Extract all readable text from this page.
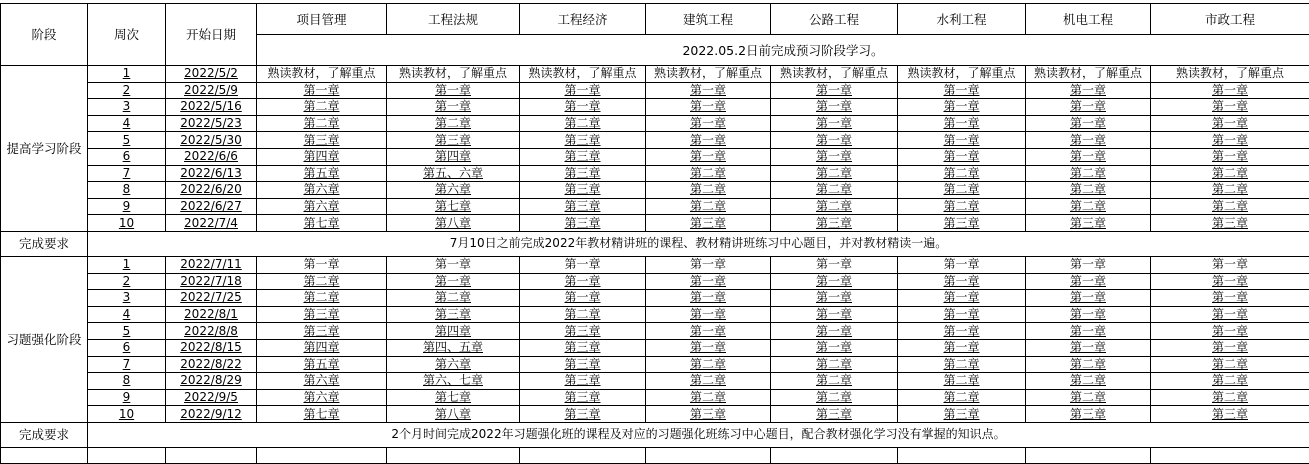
阶段	周次	开始日期	项目管理	工程法规	工程经济	建筑工程	公路工程	水利工程	机电工程	市政工程
			2022.05.2日前完成预习阶段学习。							
提高学习阶段	1	2022/5/2	熟读教材，了解重点	熟读教材，了解重点	熟读教材，了解重点	熟读教材，了解重点	熟读教材，了解重点	熟读教材，了解重点	熟读教材，了解重点	熟读教材，了解重点
	2	2022/5/9	第一章	第一章	第一章	第一章	第一章	第一章	第一章	第一章
	3	2022/5/16	第二章	第一章	第一章	第一章	第一章	第一章	第一章	第一章
	4	2022/5/23	第二章	第二章	第二章	第一章	第一章	第一章	第一章	第一章
	5	2022/5/30	第三章	第三章	第三章	第一章	第一章	第一章	第一章	第一章
	6	2022/6/6	第四章	第四章	第三章	第一章	第一章	第一章	第一章	第一章
	7	2022/6/13	第五章	第五、六章	第三章	第二章	第二章	第二章	第二章	第二章
	8	2022/6/20	第六章	第六章	第三章	第二章	第二章	第二章	第二章	第二章
	9	2022/6/27	第六章	第七章	第三章	第二章	第二章	第二章	第二章	第二章
	10	2022/7/4	第七章	第八章	第三章	第三章	第三章	第三章	第三章	第三章
完成要求	7月10日之前完成2022年教材精讲班的课程、教材精讲班练习中心题目，并对教材精读一遍。									
习题强化阶段	1	2022/7/11	第一章	第一章	第一章	第一章	第一章	第一章	第一章	第一章
	2	2022/7/18	第二章	第一章	第一章	第一章	第一章	第一章	第一章	第一章
	3	2022/7/25	第二章	第二章	第一章	第一章	第一章	第一章	第一章	第一章
	4	2022/8/1	第三章	第三章	第二章	第一章	第一章	第一章	第一章	第一章
	5	2022/8/8	第三章	第四章	第三章	第一章	第一章	第一章	第一章	第一章
	6	2022/8/15	第四章	第四、五章	第三章	第一章	第一章	第一章	第一章	第一章
	7	2022/8/22	第五章	第六章	第三章	第二章	第二章	第二章	第二章	第二章
	8	2022/8/29	第六章	第六、七章	第三章	第二章	第二章	第二章	第二章	第二章
	9	2022/9/5	第六章	第七章	第三章	第二章	第二章	第二章	第二章	第二章
	10	2022/9/12	第七章	第八章	第三章	第三章	第三章	第三章	第三章	第三章
完成要求	2个月时间完成2022年习题强化班的课程及对应的习题强化班练习中心题目，配合教材强化学习没有掌握的知识点。									
